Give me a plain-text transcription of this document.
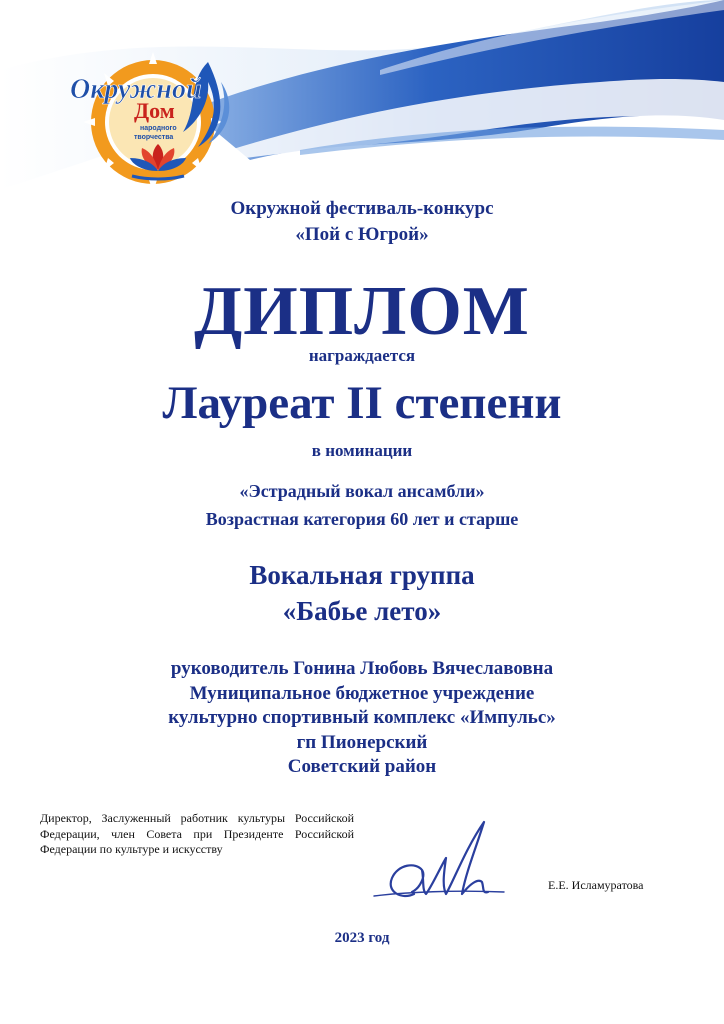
Окружной
Дом
народного
творчества
Окружной фестиваль-конкурс
«Пой с Югрой»
ДИПЛОМ
награждается
Лауреат II степени
в номинации
«Эстрадный вокал ансамбли»
Возрастная категория 60 лет и старше
Вокальная группа
«Бабье лето»
руководитель Гонина Любовь Вячеславовна
Муниципальное бюджетное учреждение
культурно спортивный комплекс «Импульс»
гп Пионерский
Советский район
Директор, Заслуженный работник культуры Российской Федерации, член Совета при Президенте Российской Федерации по культуре и искусству
Е.Е. Исламуратова
2023 год
